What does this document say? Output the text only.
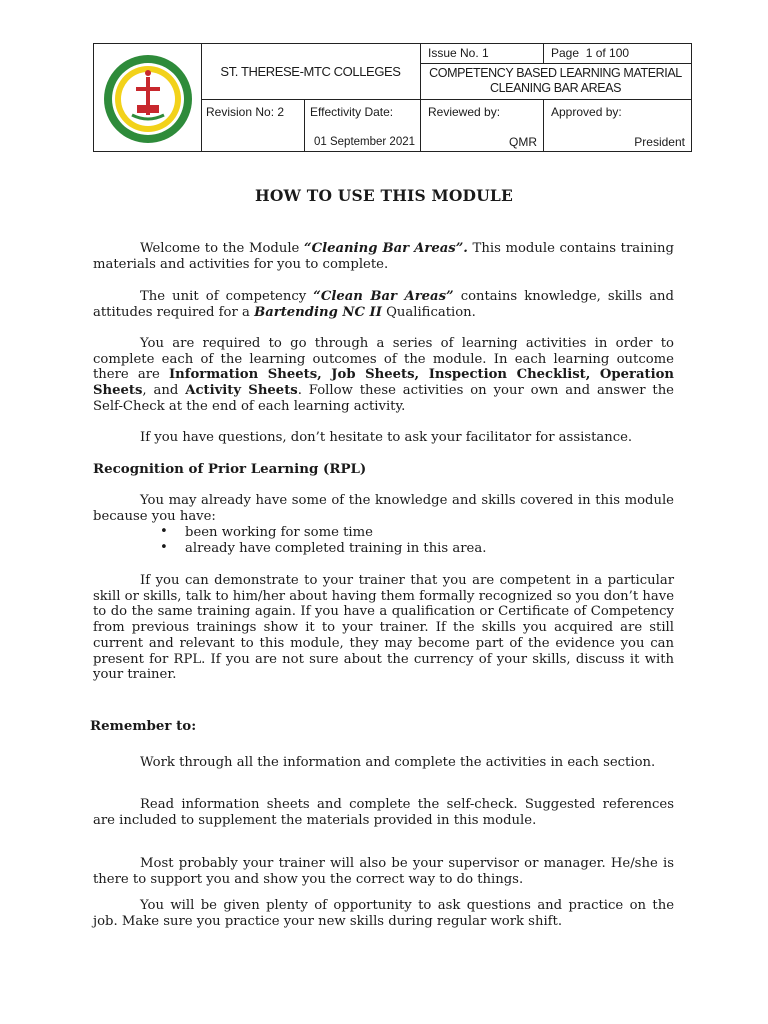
ST. THERESE-MTC COLLEGES
Issue No. 1	Page  1 of 100
COMPETENCY BASED LEARNING MATERIAL
CLEANING BAR AREAS
Revision No: 2 Effectivity Date:
01 September 2021
Reviewed by:
QMR
Approved by:
President
HOW TO USE THIS MODULE
Welcome to the Module “Cleaning Bar Areas”. This module contains training materials and activities for you to complete.
The unit of competency “Clean Bar Areas” contains knowledge, skills and attitudes required for a Bartending NC II Qualification.
You are required to go through a series of learning activities in order to complete each of the learning outcomes of the module. In each learning outcome there are Information Sheets, Job Sheets, Inspection Checklist, Operation Sheets, and Activity Sheets. Follow these activities on your own and answer the Self-Check at the end of each learning activity.
If you have questions, don’t hesitate to ask your facilitator for assistance.
Recognition of Prior Learning (RPL)
You may already have some of the knowledge and skills covered in this module because you have:
• been working for some time
• already have completed training in this area.
If you can demonstrate to your trainer that you are competent in a particular skill or skills, talk to him/her about having them formally recognized so you don’t have to do the same training again. If you have a qualification or Certificate of Competency from previous trainings show it to your trainer. If the skills you acquired are still current and relevant to this module, they may become part of the evidence you can present for RPL. If you are not sure about the currency of your skills, discuss it with your trainer.
Remember to:
Work through all the information and complete the activities in each section.
Read information sheets and complete the self-check. Suggested references are included to supplement the materials provided in this module.
Most probably your trainer will also be your supervisor or manager. He/she is there to support you and show you the correct way to do things.
You will be given plenty of opportunity to ask questions and practice on the job. Make sure you practice your new skills during regular work shift.
